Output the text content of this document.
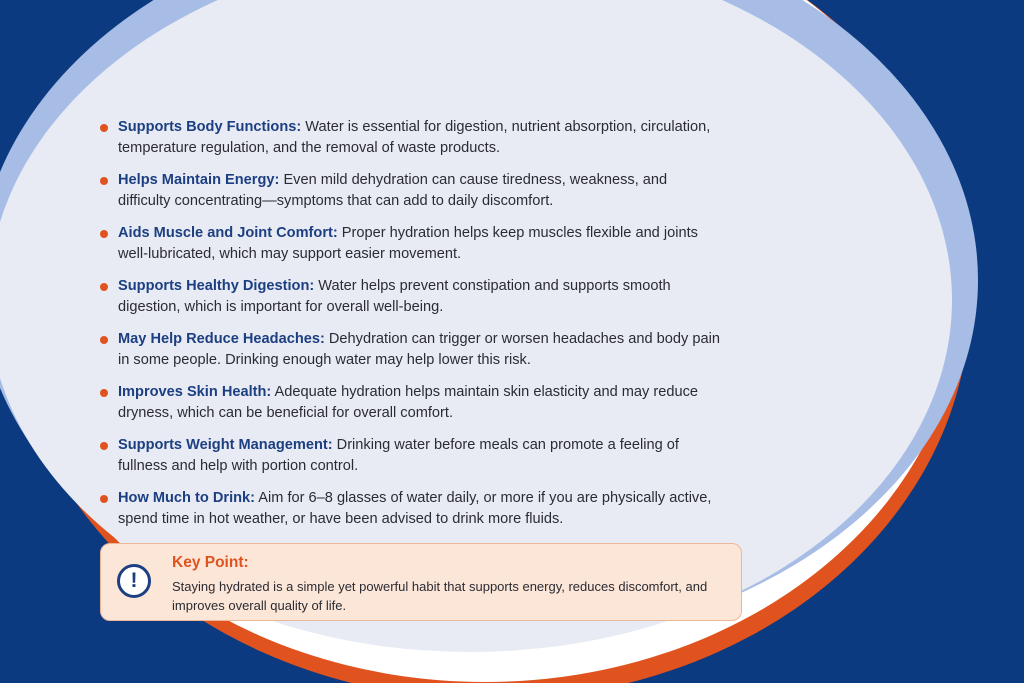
Supports Body Functions: Water is essential for digestion, nutrient absorption, circulation, temperature regulation, and the removal of waste products.
Helps Maintain Energy: Even mild dehydration can cause tiredness, weakness, and difficulty concentrating—symptoms that can add to daily discomfort.
Aids Muscle and Joint Comfort: Proper hydration helps keep muscles flexible and joints well-lubricated, which may support easier movement.
Supports Healthy Digestion: Water helps prevent constipation and supports smooth digestion, which is important for overall well-being.
May Help Reduce Headaches: Dehydration can trigger or worsen headaches and body pain in some people. Drinking enough water may help lower this risk.
Improves Skin Health: Adequate hydration helps maintain skin elasticity and may reduce dryness, which can be beneficial for overall comfort.
Supports Weight Management: Drinking water before meals can promote a feeling of fullness and help with portion control.
How Much to Drink: Aim for 6–8 glasses of water daily, or more if you are physically active, spend time in hot weather, or have been advised to drink more fluids.
!
Key Point:
Staying hydrated is a simple yet powerful habit that supports energy, reduces discomfort, and improves overall quality of life.
